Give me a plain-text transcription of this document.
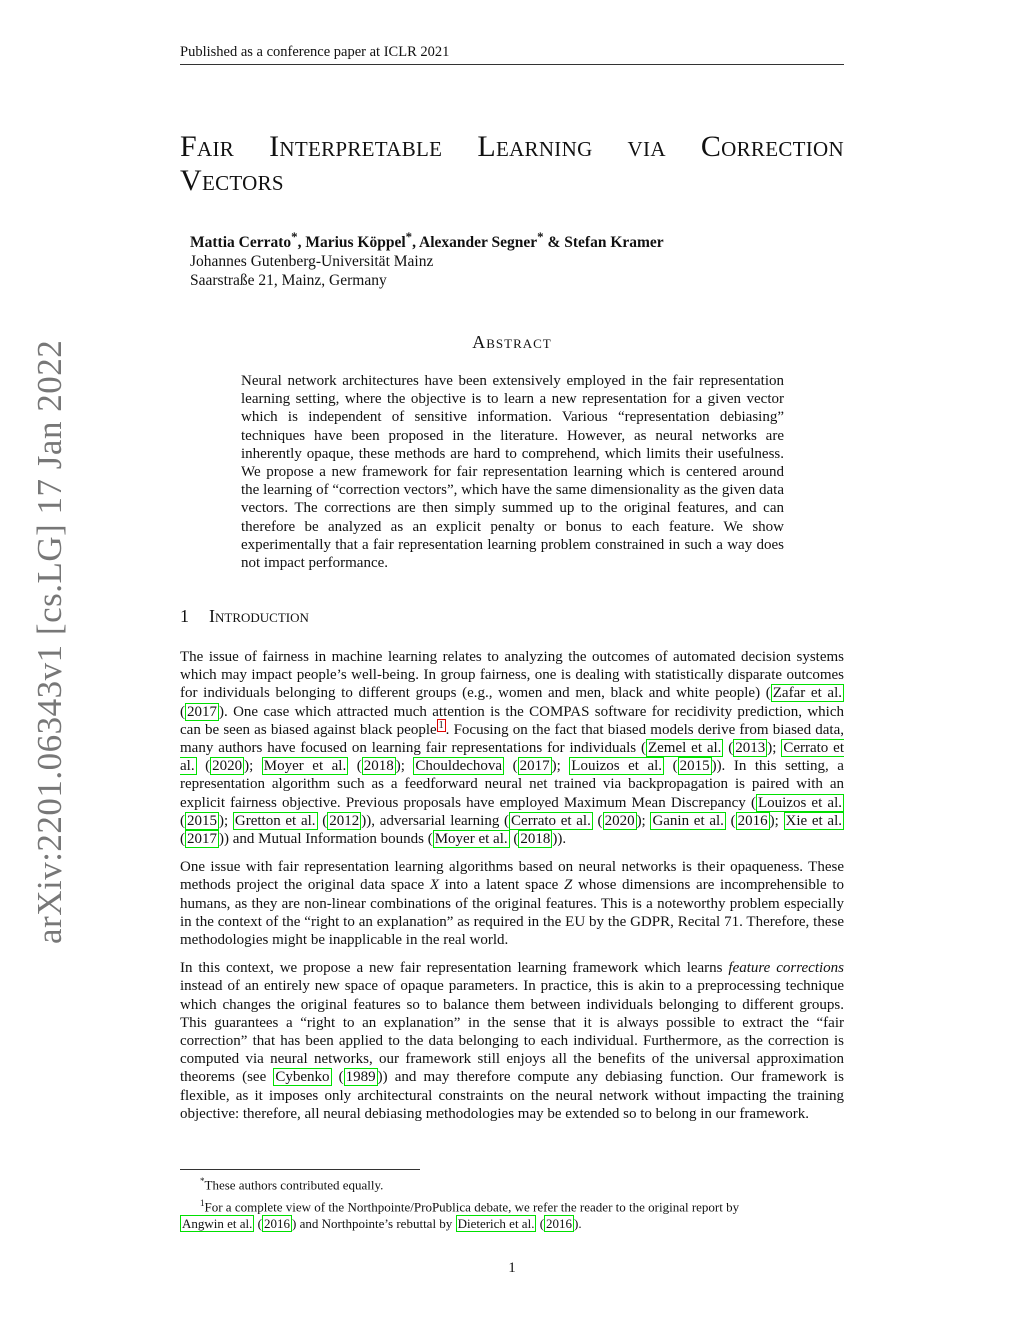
Published as a conference paper at ICLR 2021
arXiv:2201.06343v1 [cs.LG] 17 Jan 2022
Fair Interpretable Learning via Correction
Vectors
Mattia Cerrato*, Marius Köppel*, Alexander Segner* & Stefan Kramer
Johannes Gutenberg-Universität Mainz
Saarstraße 21, Mainz, Germany
Abstract

Neural network architectures have been extensively employed in the fair representation learning setting, where the objective is to learn a new representation for a given vector which is independent of sensitive information. Various “representation debiasing” techniques have been proposed in the literature. However, as neural networks are inherently opaque, these methods are hard to comprehend, which limits their usefulness. We propose a new framework for fair representation learning which is centered around the learning of “correction vectors”, which have the same dimensionality as the given data vectors. The corrections are then simply summed up to the original features, and can therefore be analyzed as an explicit penalty or bonus to each feature. We show experimentally that a fair representation learning problem constrained in such a way does not impact performance.

1 Introduction

The issue of fairness in machine learning relates to analyzing the outcomes of automated decision systems which may impact people’s well-being. In group fairness, one is dealing with statistically disparate outcomes for individuals belonging to different groups (e.g., women and men, black and white people) ( Zafar et al. ( 2017 ). One case which attracted much attention is the COMPAS software for recidivity prediction, which can be seen as biased against black people $^1$ . Focusing on the fact that biased models derive from biased data, many authors have focused on learning fair representations for individuals ( Zemel et al. ( 2013 ); Cerrato et al. ( 2020 ); Moyer et al. ( 2018 ); Chouldechova ( 2017 ); Louizos et al. ( 2015 )). In this setting, a representation algorithm such as a feedforward neural net trained via backpropagation is paired with an explicit fairness objective. Previous proposals have employed Maximum Mean Discrepancy ( Louizos et al. ( 2015 ); Gretton et al. ( 2012 )), adversarial learning ( Cerrato et al. ( 2020 ); Ganin et al. ( 2016 ); Xie et al. ( 2017 )) and Mutual Information bounds ( Moyer et al. ( 2018 )).

One issue with fair representation learning algorithms based on neural networks is their opaqueness. These methods project the original data space X into a latent space Z whose dimensions are incomprehensible to humans, as they are non-linear combinations of the original features. This is a noteworthy problem especially in the context of the “right to an explanation” as required in the EU by the GDPR, Recital 71. Therefore, these methodologies might be inapplicable in the real world.

In this context, we propose a new fair representation learning framework which learns feature corrections instead of an entirely new space of opaque parameters. In practice, this is akin to a preprocessing technique which changes the original features so to balance them between individuals belonging to different groups. This guarantees a “right to an explanation” in the sense that it is always possible to extract the “fair correction” that has been applied to the data belonging to each individual. Furthermore, as the correction is computed via neural networks, our framework still enjoys all the benefits of the universal approximation theorems (see Cybenko ( 1989 )) and may therefore compute any debiasing function. Our framework is flexible, as it imposes only architectural constraints on the neural network without impacting the training objective: therefore, all neural debiasing methodologies may be extended so to belong in our framework.

*These authors contributed equally.

$^1$For a complete view of the Northpointe/ProPublica debate, we refer the reader to the original report by

Angwin et al. ( 2016 ) and Northpointe’s rebuttal by Dieterich et al. ( 2016 ).

1
